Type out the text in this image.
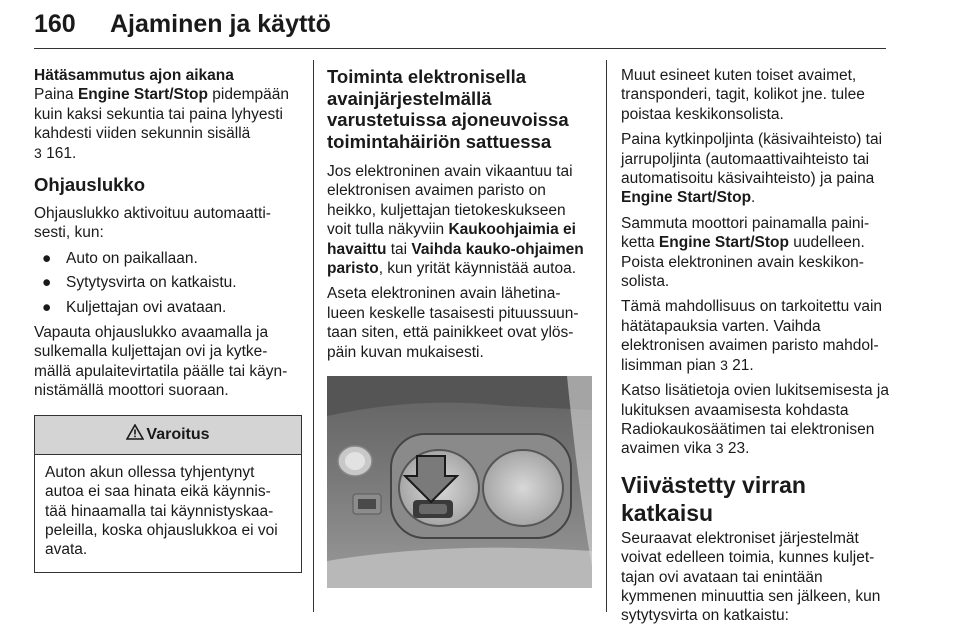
160 Ajaminen ja käyttö
Hätäsammutus ajon aikana

Paina Engine Start/Stop pidempään kuin kaksi sekuntia tai paina lyhyesti kahdesti viiden sekunnin sisällä
3 161.

Ohjauslukko

Ohjauslukko aktivoituu automaatti-sesti, kun:

● Auto on paikallaan.
● Sytytysvirta on katkaistu.
● Kuljettajan ovi avataan.

Vapauta ohjauslukko avaamalla ja sulkemalla kuljettajan ovi ja kytke-mällä apulaitevirtatila päälle tai käyn-nistämällä moottori suoraan.

Varoitus
Auton akun ollessa tyhjentynyt autoa ei saa hinata eikä käynnis-tää hinaamalla tai käynnistyskaa-peleilla, koska ohjauslukkoa ei voi avata.
Toiminta elektronisella avainjärjestelmällä varustetuissa ajoneuvoissa toimintahäiriön sattuessa

Jos elektroninen avain vikaantuu tai elektronisen avaimen paristo on heikko, kuljettajan tietokeskukseen voit tulla näkyviin Kaukoohjaimia ei havaittu tai Vaihda kauko-ohjaimen paristo, kun yrität käynnistää autoa.

Aseta elektroninen avain lähetina-lueen keskelle tasaisesti pituussuun-taan siten, että painikkeet ovat ylös-päin kuvan mukaisesti.

Muut esineet kuten toiset avaimet, transponderi, tagit, kolikot jne. tulee poistaa keskikonsolista.

Paina kytkinpoljinta (käsivaihteisto) tai jarrupoljinta (automaattivaihteisto tai automatisoitu käsivaihteisto) ja paina Engine Start/Stop.

Sammuta moottori painamalla paini-ketta Engine Start/Stop uudelleen. Poista elektroninen avain keskikon-solista.

Tämä mahdollisuus on tarkoitettu vain hätätapauksia varten. Vaihda elektronisen avaimen paristo mahdol-lisimman pian 3 21.

Katso lisätietoja ovien lukitsemisesta ja lukituksen avaamisesta kohdasta Radiokaukosäätimen tai elektronisen avaimen vika 3 23.

Viivästetty virran katkaisu

Seuraavat elektroniset järjestelmät voivat edelleen toimia, kunnes kuljet-tajan ovi avataan tai enintään kymmenen minuuttia sen jälkeen, kun sytytysvirta on katkaistu:
